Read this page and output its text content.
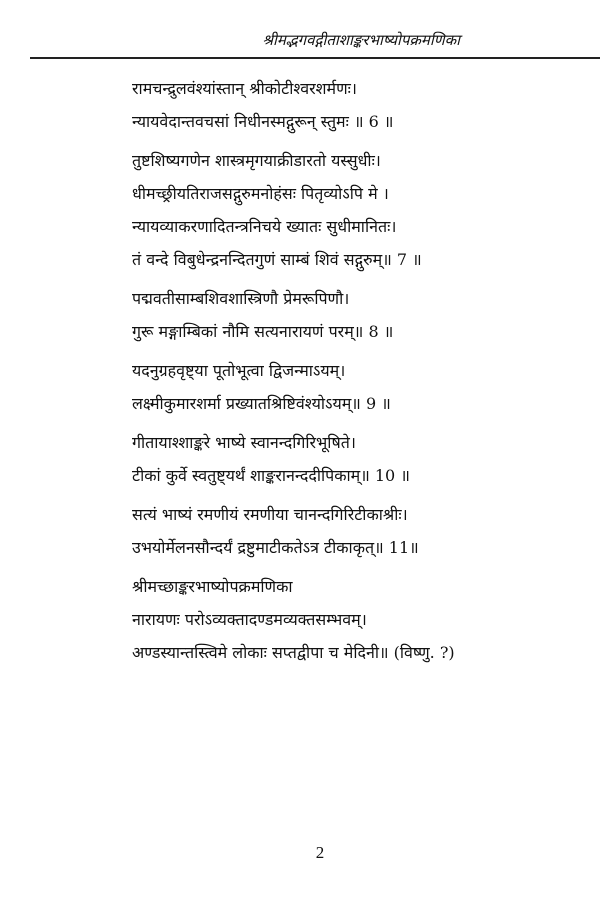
श्रीमद्भगवद्गीताशाङ्करभाष्योपक्रमणिका
रामचन्द्रुलवंश्यांस्तान् श्रीकोटीश्वरशर्मणः।
न्यायवेदान्तवचसां निधीनस्मद्गुरून् स्तुमः ॥ 6 ॥
तुष्टशिष्यगणेन शास्त्रमृगयाक्रीडारतो यस्सुधीः।
धीमच्छ्रीयतिराजसद्गुरुमनोहंसः पितृव्योऽपि मे ।
न्यायव्याकरणादितन्त्रनिचये ख्यातः सुधीमानितः।
तं वन्दे विबुधेन्द्रनन्दितगुणं साम्बं शिवं सद्गुरुम्॥ 7 ॥
पद्मवतीसाम्बशिवशास्त्रिणौ प्रेमरूपिणौ।
गुरू मङ्गाम्बिकां नौमि सत्यनारायणं परम्॥ 8 ॥
यदनुग्रहवृष्ट्या पूतोभूत्वा द्विजन्माऽयम्।
लक्ष्मीकुमारशर्मा प्रख्यातश्रिष्टिवंश्योऽयम्॥ 9 ॥
गीतायाश्शाङ्करे भाष्ये स्वानन्दगिरिभूषिते।
टीकां कुर्वे स्वतुष्ट्यर्थं शाङ्करानन्ददीपिकाम्॥ 10 ॥
सत्यं भाष्यं रमणीयं रमणीया चानन्दगिरिटीकाश्रीः।
उभयोर्मेलनसौन्दर्यं द्रष्टुमाटीकतेऽत्र टीकाकृत्॥ 11॥
श्रीमच्छाङ्करभाष्योपक्रमणिका
नारायणः परोऽव्यक्तादण्डमव्यक्तसम्भवम्।
अण्डस्यान्तस्त्विमे लोकाः सप्तद्वीपा च मेदिनी॥ (विष्णु. ?)
2
